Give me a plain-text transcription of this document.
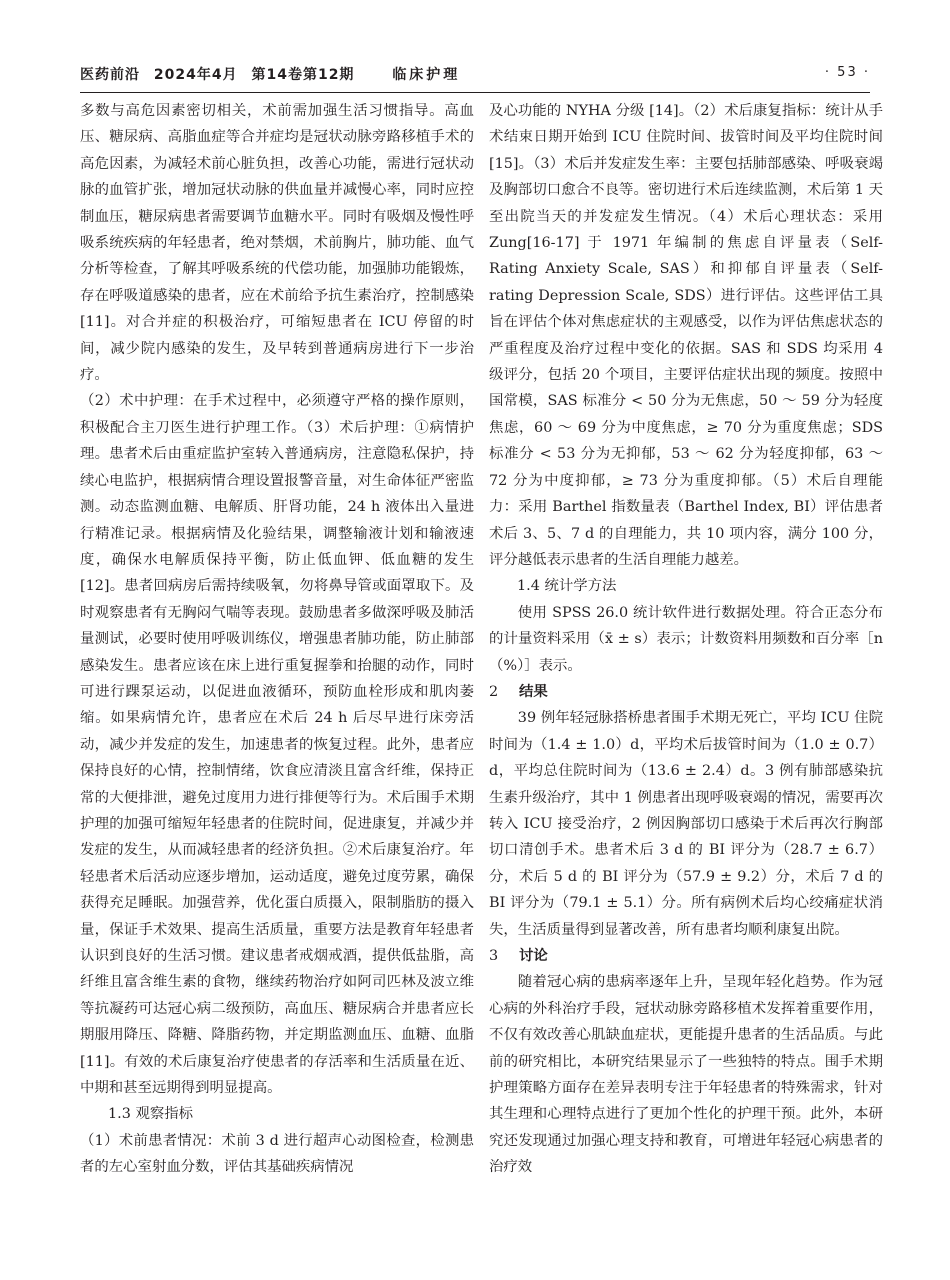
医药前沿 2024年4月 第14卷第12期	临床护理	· 53 ·

多数与高危因素密切相关，术前需加强生活习惯指导。高血压、糖尿病、高脂血症等合并症均是冠状动脉旁路移植手术的高危因素，为减轻术前心脏负担，改善心功能，需进行冠状动脉的血管扩张，增加冠状动脉的供血量并减慢心率，同时应控制血压，糖尿病患者需要调节血糖水平。同时有吸烟及慢性呼吸系统疾病的年轻患者，绝对禁烟，术前胸片，肺功能、血气分析等检查，了解其呼吸系统的代偿功能，加强肺功能锻炼，存在呼吸道感染的患者，应在术前给予抗生素治疗，控制感染 [11]。对合并症的积极治疗，可缩短患者在 ICU 停留的时间，减少院内感染的发生，及早转到普通病房进行下一步治疗。

（2）术中护理：在手术过程中，必须遵守严格的操作原则，积极配合主刀医生进行护理工作。（3）术后护理：①病情护理。患者术后由重症监护室转入普通病房，注意隐私保护，持续心电监护，根据病情合理设置报警音量，对生命体征严密监测。动态监测血糖、电解质、肝肾功能，24 h 液体出入量进行精准记录。根据病情及化验结果，调整输液计划和输液速度，确保水电解质保持平衡，防止低血钾、低血糖的发生 [12]。患者回病房后需持续吸氧，勿将鼻导管或面罩取下。及时观察患者有无胸闷气喘等表现。鼓励患者多做深呼吸及肺活量测试，必要时使用呼吸训练仪，增强患者肺功能，防止肺部感染发生。患者应该在床上进行重复握拳和抬腿的动作，同时可进行踝泵运动，以促进血液循环，预防血栓形成和肌肉萎缩。如果病情允许，患者应在术后 24 h 后尽早进行床旁活动，减少并发症的发生，加速患者的恢复过程。此外，患者应保持良好的心情，控制情绪，饮食应清淡且富含纤维，保持正常的大便排泄，避免过度用力进行排便等行为。术后围手术期护理的加强可缩短年轻患者的住院时间，促进康复，并减少并发症的发生，从而减轻患者的经济负担。②术后康复治疗。年轻患者术后活动应逐步增加，运动适度，避免过度劳累，确保获得充足睡眠。加强营养，优化蛋白质摄入，限制脂肪的摄入量，保证手术效果、提高生活质量，重要方法是教育年轻患者认识到良好的生活习惯。建议患者戒烟戒酒，提供低盐脂，高纤维且富含维生素的食物，继续药物治疗如阿司匹林及波立维等抗凝药可达冠心病二级预防，高血压、糖尿病合并患者应长期服用降压、降糖、降脂药物，并定期监测血压、血糖、血脂 [11]。有效的术后康复治疗使患者的存活率和生活质量在近、中期和甚至远期得到明显提高。

1.3 观察指标

（1）术前患者情况：术前 3 d 进行超声心动图检查，检测患者的左心室射血分数，评估其基础疾病情况

及心功能的 NYHA 分级 [14]。（2）术后康复指标：统计从手术结束日期开始到 ICU 住院时间、拔管时间及平均住院时间 [15]。（3）术后并发症发生率：主要包括肺部感染、呼吸衰竭及胸部切口愈合不良等。密切进行术后连续监测，术后第 1 天至出院当天的并发症发生情况。（4）术后心理状态：采用 Zung[16-17] 于 1971 年编制的焦虑自评量表（Self-Rating Anxiety Scale, SAS）和抑郁自评量表（Self-rating Depression Scale, SDS）进行评估。这些评估工具旨在评估个体对焦虑症状的主观感受，以作为评估焦虑状态的严重程度及治疗过程中变化的依据。SAS 和 SDS 均采用 4 级评分，包括 20 个项目，主要评估症状出现的频度。按照中国常模，SAS 标准分 < 50 分为无焦虑，50 ～ 59 分为轻度焦虑，60 ～ 69 分为中度焦虑，≥ 70 分为重度焦虑；SDS 标准分 < 53 分为无抑郁，53 ～ 62 分为轻度抑郁，63 ～ 72 分为中度抑郁，≥ 73 分为重度抑郁。（5）术后自理能力：采用 Barthel 指数量表（Barthel Index, BI）评估患者术后 3、5、7 d 的自理能力，共 10 项内容，满分 100 分，评分越低表示患者的生活自理能力越差。

1.4 统计学方法

使用 SPSS 26.0 统计软件进行数据处理。符合正态分布的计量资料采用（x̄ ± s）表示；计数资料用频数和百分率［n（%）］表示。

2 结果

39 例年轻冠脉搭桥患者围手术期无死亡，平均 ICU 住院时间为（1.4 ± 1.0）d，平均术后拔管时间为（1.0 ± 0.7）d，平均总住院时间为（13.6 ± 2.4）d。3 例有肺部感染抗生素升级治疗，其中 1 例患者出现呼吸衰竭的情况，需要再次转入 ICU 接受治疗，2 例因胸部切口感染于术后再次行胸部切口清创手术。患者术后 3 d 的 BI 评分为（28.7 ± 6.7）分，术后 5 d 的 BI 评分为（57.9 ± 9.2）分，术后 7 d 的 BI 评分为（79.1 ± 5.1）分。所有病例术后均心绞痛症状消失，生活质量得到显著改善，所有患者均顺利康复出院。

3 讨论

随着冠心病的患病率逐年上升，呈现年轻化趋势。作为冠心病的外科治疗手段，冠状动脉旁路移植术发挥着重要作用，不仅有效改善心肌缺血症状，更能提升患者的生活品质。与此前的研究相比，本研究结果显示了一些独特的特点。围手术期护理策略方面存在差异表明专注于年轻患者的特殊需求，针对其生理和心理特点进行了更加个性化的护理干预。此外，本研究还发现通过加强心理支持和教育，可增进年轻冠心病患者的治疗效
